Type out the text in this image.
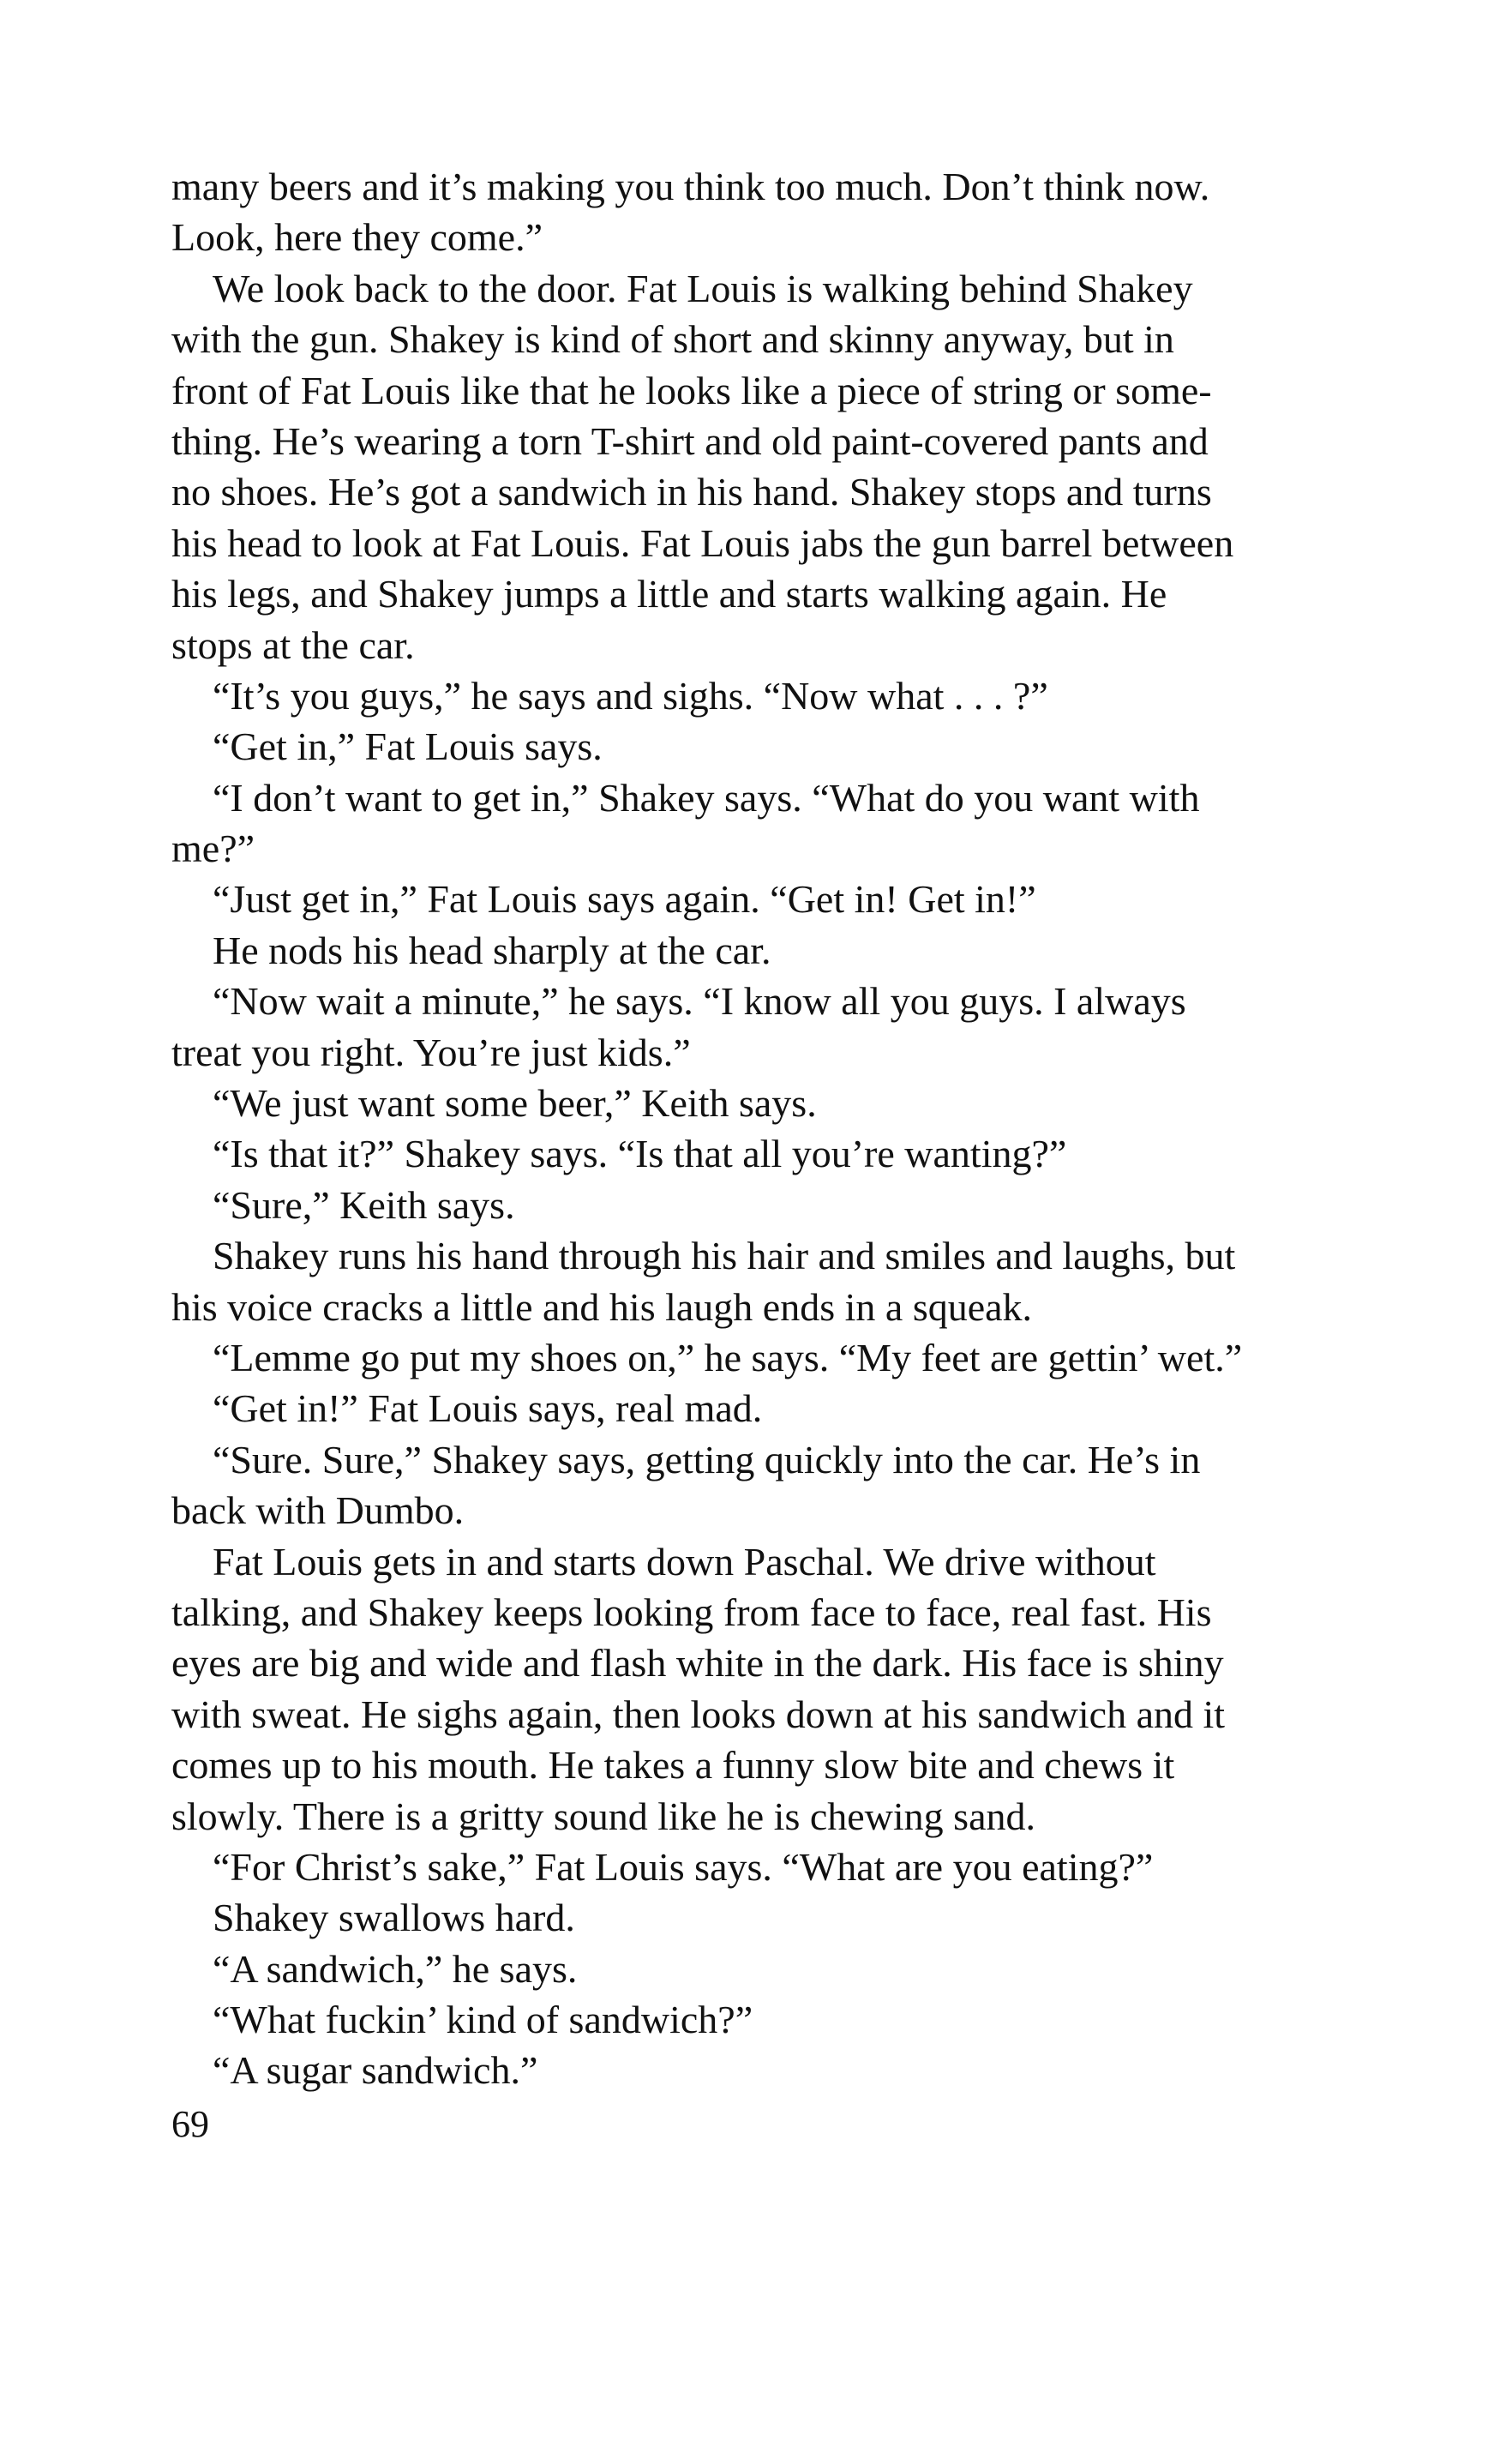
many beers and it’s making you think too much. Don’t think now.

Look, here they come.”

We look back to the door. Fat Louis is walking behind Shakey

with the gun. Shakey is kind of short and skinny anyway, but in

front of Fat Louis like that he looks like a piece of string or some-

thing. He’s wearing a torn T-shirt and old paint-covered pants and

no shoes. He’s got a sandwich in his hand. Shakey stops and turns

his head to look at Fat Louis. Fat Louis jabs the gun barrel between

his legs, and Shakey jumps a little and starts walking again. He

stops at the car.

“It’s you guys,” he says and sighs. “Now what . . . ?”

“Get in,” Fat Louis says.

“I don’t want to get in,” Shakey says. “What do you want with

me?”

“Just get in,” Fat Louis says again. “Get in! Get in!”

He nods his head sharply at the car.

“Now wait a minute,” he says. “I know all you guys. I always

treat you right. You’re just kids.”

“We just want some beer,” Keith says.

“Is that it?” Shakey says. “Is that all you’re wanting?”

“Sure,” Keith says.

Shakey runs his hand through his hair and smiles and laughs, but

his voice cracks a little and his laugh ends in a squeak.

“Lemme go put my shoes on,” he says. “My feet are gettin’ wet.”

“Get in!” Fat Louis says, real mad.

“Sure. Sure,” Shakey says, getting quickly into the car. He’s in

back with Dumbo.

Fat Louis gets in and starts down Paschal. We drive without

talking, and Shakey keeps looking from face to face, real fast. His

eyes are big and wide and flash white in the dark. His face is shiny

with sweat. He sighs again, then looks down at his sandwich and it

comes up to his mouth. He takes a funny slow bite and chews it

slowly. There is a gritty sound like he is chewing sand.

“For Christ’s sake,” Fat Louis says. “What are you eating?”

Shakey swallows hard.

“A sandwich,” he says.

“What fuckin’ kind of sandwich?”

“A sugar sandwich.”

69
